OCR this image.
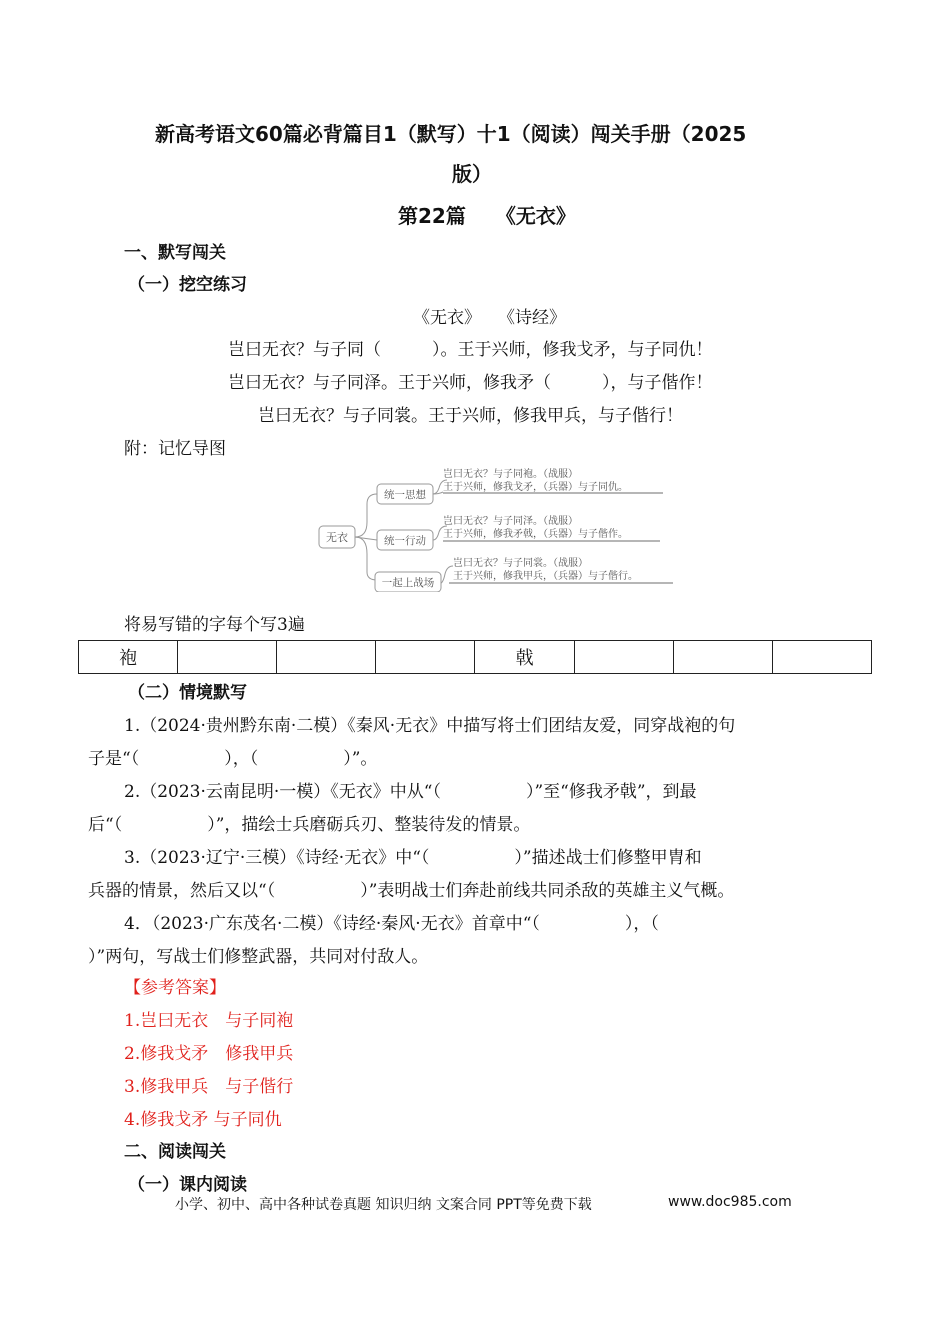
新高考语文60篇必背篇目1（默写）十1（阅读）闯关手册（2025
版）
第22篇　　《无衣》
一、默写闯关
（一）挖空练习
《无衣》　　《诗经》
岂曰无衣？与子同（　　　）。王于兴师，修我戈矛，与子同仇！
岂曰无衣？与子同泽。王于兴师，修我矛（　　　），与子偕作！
岂曰无衣？与子同裳。王于兴师，修我甲兵，与子偕行！
附：记忆导图
无衣
统一思想
统一行动
一起上战场
岂曰无衣？与子同袍。（战服）
王于兴师，修我戈矛，（兵器）与子同仇。
岂曰无衣？与子同泽。（战服）
王于兴师，修我矛戟，（兵器）与子偕作。
岂曰无衣？与子同裳。（战服）
王于兴师，修我甲兵，（兵器）与子偕行。
将易写错的字每个写3遍
袍				戟			
（二）情境默写
1.（2024·贵州黔东南·二模）《秦风·无衣》中描写将士们团结友爱，同穿战袍的句
子是“（　　　　　），（　　　　　）”。
2.（2023·云南昆明·一模）《无衣》中从“（　　　　　）”至“修我矛戟”，到最
后“（　　　　　）”，描绘士兵磨砺兵刃、整装待发的情景。
3.（2023·辽宁·三模）《诗经·无衣》中“（　　　　　）”描述战士们修整甲胄和
兵器的情景，然后又以“（　　　　　）”表明战士们奔赴前线共同杀敌的英雄主义气概。
4．（2023·广东茂名·二模）《诗经·秦风·无衣》首章中“（　　　　　），（
）”两句，写战士们修整武器，共同对付敌人。
【参考答案】
1.岂曰无衣　与子同袍
2.修我戈矛　修我甲兵
3.修我甲兵　与子偕行
4.修我戈矛 与子同仇
二、阅读闯关
（一）课内阅读
小学、初中、高中各种试卷真题 知识归纳 文案合同 PPT等免费下载	www.doc985.com
